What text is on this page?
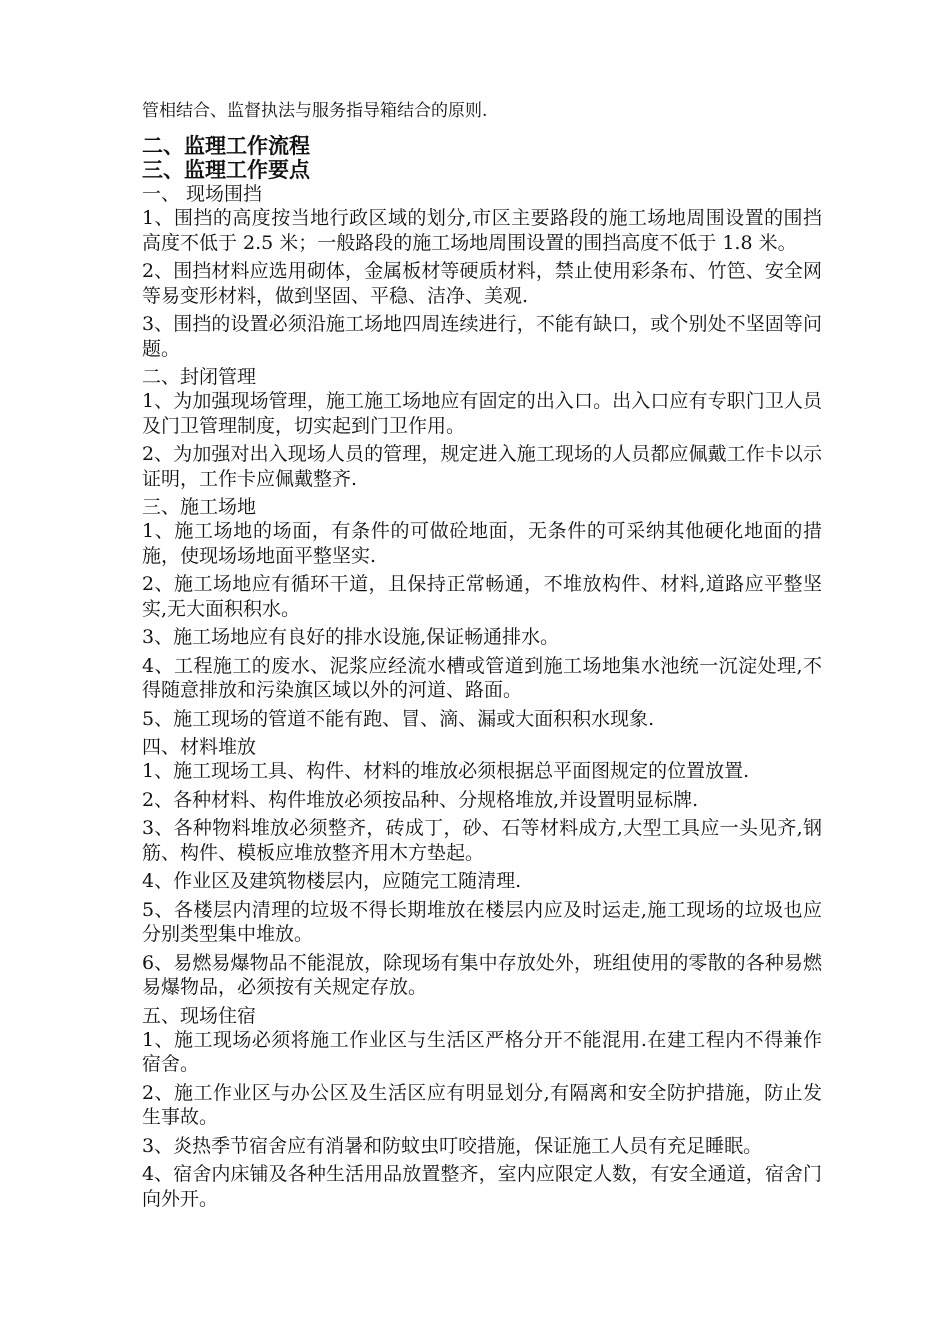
管相结合、监督执法与服务指导箱结合的原则.

二、监理工作流程
三、监理工作要点

一、 现场围挡

1、围挡的高度按当地行政区域的划分,市区主要路段的施工场地周围设置的围挡高度不低于 2.5 米；一般路段的施工场地周围设置的围挡高度不低于 1.8 米。

2、围挡材料应选用砌体，金属板材等硬质材料，禁止使用彩条布、竹笆、安全网等易变形材料，做到坚固、平稳、洁净、美观.

3、围挡的设置必须沿施工场地四周连续进行，不能有缺口，或个别处不坚固等问题。

二、封闭管理

1、为加强现场管理，施工施工场地应有固定的出入口。出入口应有专职门卫人员及门卫管理制度，切实起到门卫作用。

2、为加强对出入现场人员的管理，规定进入施工现场的人员都应佩戴工作卡以示证明，工作卡应佩戴整齐.

三、施工场地

1、施工场地的场面，有条件的可做砼地面，无条件的可采纳其他硬化地面的措施，使现场场地面平整坚实.

2、施工场地应有循环干道，且保持正常畅通，不堆放构件、材料,道路应平整坚实,无大面积积水。

3、施工场地应有良好的排水设施,保证畅通排水。

4、工程施工的废水、泥浆应经流水槽或管道到施工场地集水池统一沉淀处理,不得随意排放和污染旗区域以外的河道、路面。

5、施工现场的管道不能有跑、冒、滴、漏或大面积积水现象.

四、材料堆放

1、施工现场工具、构件、材料的堆放必须根据总平面图规定的位置放置.

2、各种材料、构件堆放必须按品种、分规格堆放,并设置明显标牌.

3、各种物料堆放必须整齐，砖成丁，砂、石等材料成方,大型工具应一头见齐,钢筋、构件、模板应堆放整齐用木方垫起。

4、作业区及建筑物楼层内，应随完工随清理.

5、各楼层内清理的垃圾不得长期堆放在楼层内应及时运走,施工现场的垃圾也应分别类型集中堆放。

6、易燃易爆物品不能混放，除现场有集中存放处外，班组使用的零散的各种易燃易爆物品，必须按有关规定存放。

五、现场住宿

1、施工现场必须将施工作业区与生活区严格分开不能混用.在建工程内不得兼作宿舍。

2、施工作业区与办公区及生活区应有明显划分,有隔离和安全防护措施，防止发生事故。

3、炎热季节宿舍应有消暑和防蚊虫叮咬措施，保证施工人员有充足睡眠。

4、宿舍内床铺及各种生活用品放置整齐，室内应限定人数，有安全通道，宿舍门向外开。
